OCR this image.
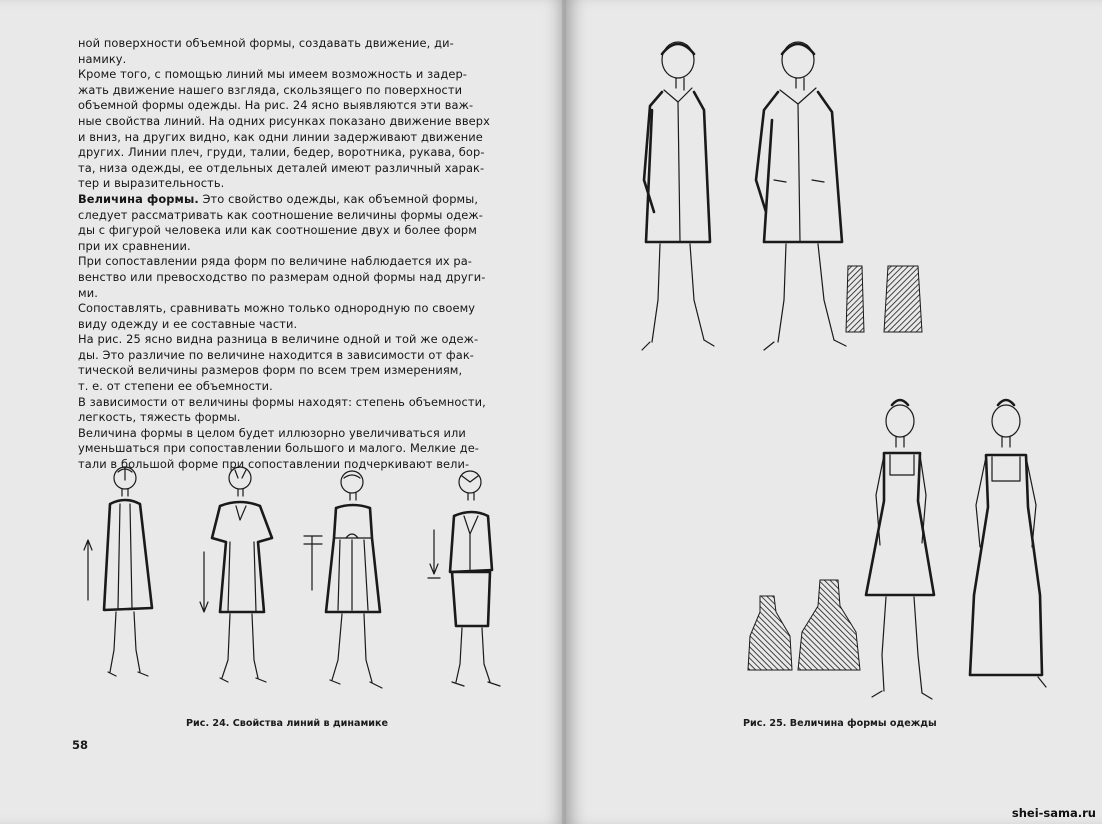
ной поверхности объемной формы, создавать движение, ди-

намику.

Кроме того, с помощью линий мы имеем возможность и задер-

жать движение нашего взгляда, скользящего по поверхности

объемной формы одежды. На рис. 24 ясно выявляются эти важ-

ные свойства линий. На одних рисунках показано движение вверх

и вниз, на других видно, как одни линии задерживают движение

других. Линии плеч, груди, талии, бедер, воротника, рукава, бор-

та, низа одежды, ее отдельных деталей имеют различный харак-

тер и выразительность.

Величина формы. Это свойство одежды, как объемной формы,

следует рассматривать как соотношение величины формы одеж-

ды с фигурой человека или как соотношение двух и более форм

при их сравнении.

При сопоставлении ряда форм по величине наблюдается их ра-

венство или превосходство по размерам одной формы над други-

ми.

Сопоставлять, сравнивать можно только однородную по своему

виду одежду и ее составные части.

На рис. 25 ясно видна разница в величине одной и той же одеж-

ды. Это различие по величине находится в зависимости от фак-

тической величины размеров форм по всем трем измерениям,

т. е. от степени ее объемности.

В зависимости от величины формы находят: степень объемности,

легкость, тяжесть формы.

Величина формы в целом будет иллюзорно увеличиваться или

уменьшаться при сопоставлении большого и малого. Мелкие де-

тали в большой форме при сопоставлении подчеркивают вели-

Рис. 24. Свойства линий в динамике
58
Рис. 25. Величина формы одежды
shei-sama.ru
